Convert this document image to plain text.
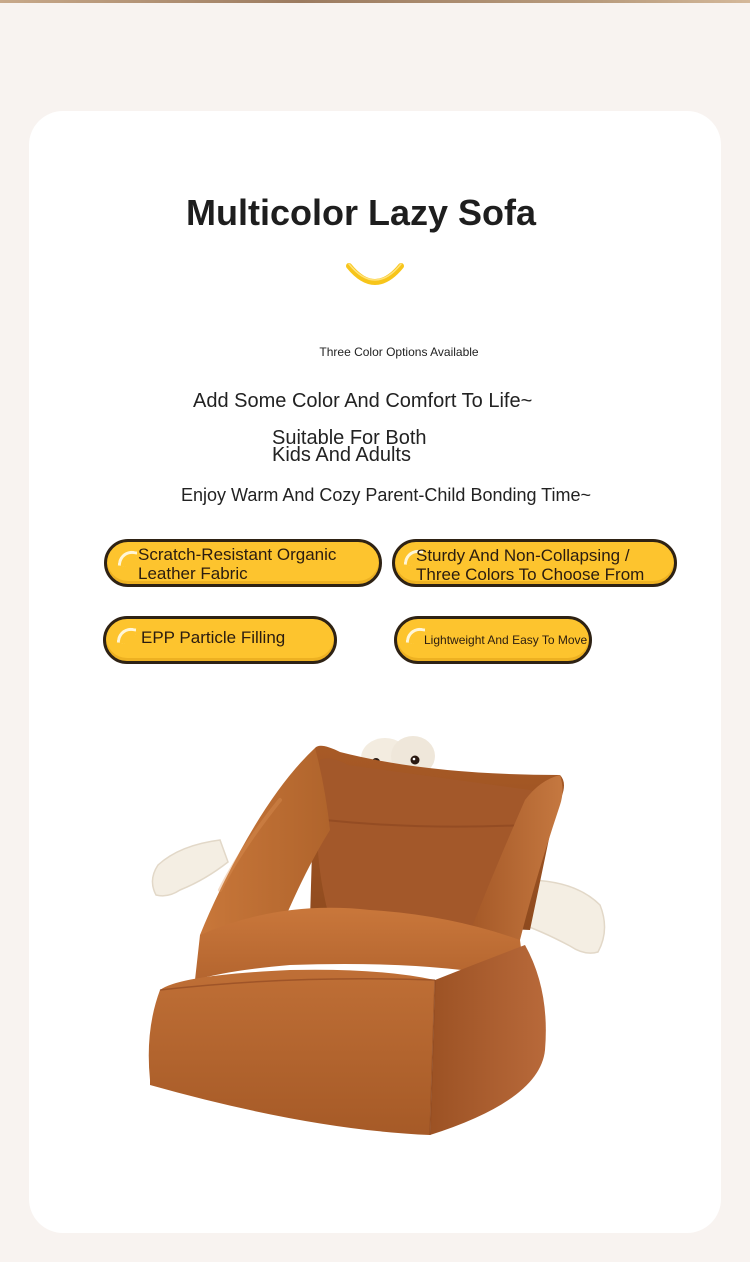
Multicolor Lazy Sofa
Three Color Options Available
Add Some Color And Comfort To Life~
Suitable For Both
Kids And Adults
Enjoy Warm And Cozy Parent-Child Bonding Time~
Scratch-Resistant Organic
Leather Fabric
Sturdy And Non-Collapsing /
Three Colors To Choose From
EPP Particle Filling	Lightweight And Easy To Move
